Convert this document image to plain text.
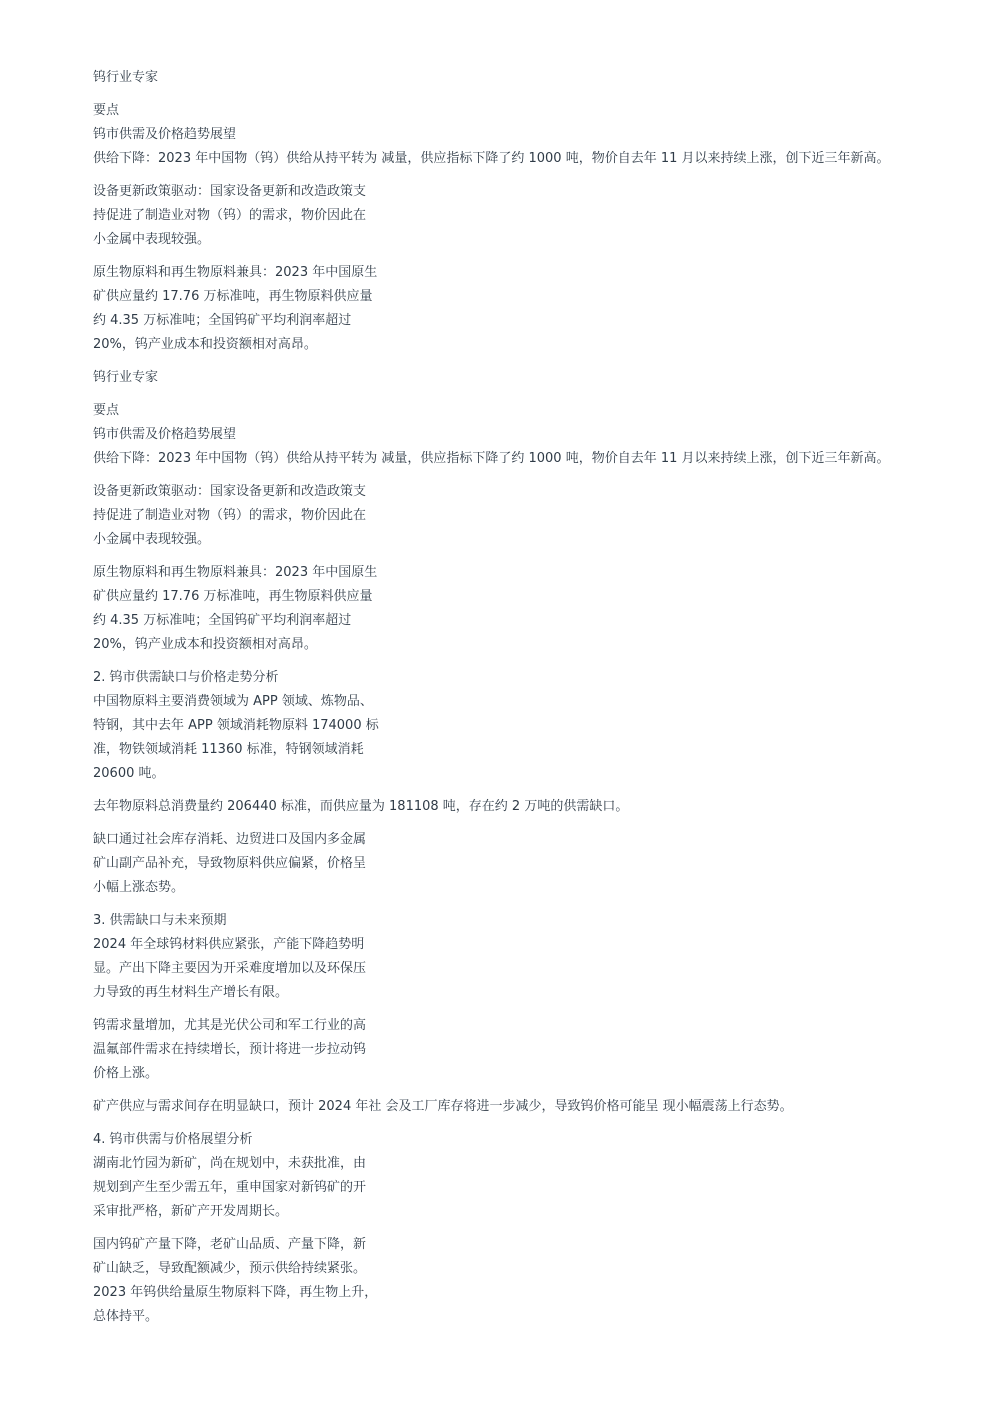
钨行业专家

要点

钨市供需及价格趋势展望

供给下降：2023 年中国物（钨）供给从持平转为 减量，供应指标下降了约 1000 吨，物价自去年 11 月以来持续上涨，创下近三年新高。

设备更新政策驱动：国家设备更新和改造政策支

持促进了制造业对物（钨）的需求，物价因此在

小金属中表现较强。

原生物原料和再生物原料兼具：2023 年中国原生

矿供应量约 17.76 万标准吨，再生物原料供应量

约 4.35 万标准吨；全国钨矿平均利润率超过

20%，钨产业成本和投资额相对高昂。

钨行业专家

要点

钨市供需及价格趋势展望

供给下降：2023 年中国物（钨）供给从持平转为 减量，供应指标下降了约 1000 吨，物价自去年 11 月以来持续上涨，创下近三年新高。

设备更新政策驱动：国家设备更新和改造政策支

持促进了制造业对物（钨）的需求，物价因此在

小金属中表现较强。

原生物原料和再生物原料兼具：2023 年中国原生

矿供应量约 17.76 万标准吨，再生物原料供应量

约 4.35 万标准吨；全国钨矿平均利润率超过

20%，钨产业成本和投资额相对高昂。

2. 钨市供需缺口与价格走势分析

中国物原料主要消费领域为 APP 领域、炼物品、

特钢，其中去年 APP 领域消耗物原料 174000 标

准，物铁领域消耗 11360 标准，特钢领域消耗

20600 吨。

去年物原料总消费量约 206440 标准，而供应量为 181108 吨，存在约 2 万吨的供需缺口。

缺口通过社会库存消耗、边贸进口及国内多金属

矿山副产品补充，导致物原料供应偏紧，价格呈

小幅上涨态势。

3. 供需缺口与未来预期

2024 年全球钨材料供应紧张，产能下降趋势明

显。产出下降主要因为开采难度增加以及环保压

力导致的再生材料生产增长有限。

钨需求量增加，尤其是光伏公司和军工行业的高

温氟部件需求在持续增长，预计将进一步拉动钨

价格上涨。

矿产供应与需求间存在明显缺口，预计 2024 年社 会及工厂库存将进一步减少，导致钨价格可能呈 现小幅震荡上行态势。

4. 钨市供需与价格展望分析

湖南北竹园为新矿，尚在规划中，未获批准，由

规划到产生至少需五年，重申国家对新钨矿的开

采审批严格，新矿产开发周期长。

国内钨矿产量下降，老矿山品质、产量下降，新

矿山缺乏，导致配额减少，预示供给持续紧张。

2023 年钨供给量原生物原料下降，再生物上升，

总体持平。
